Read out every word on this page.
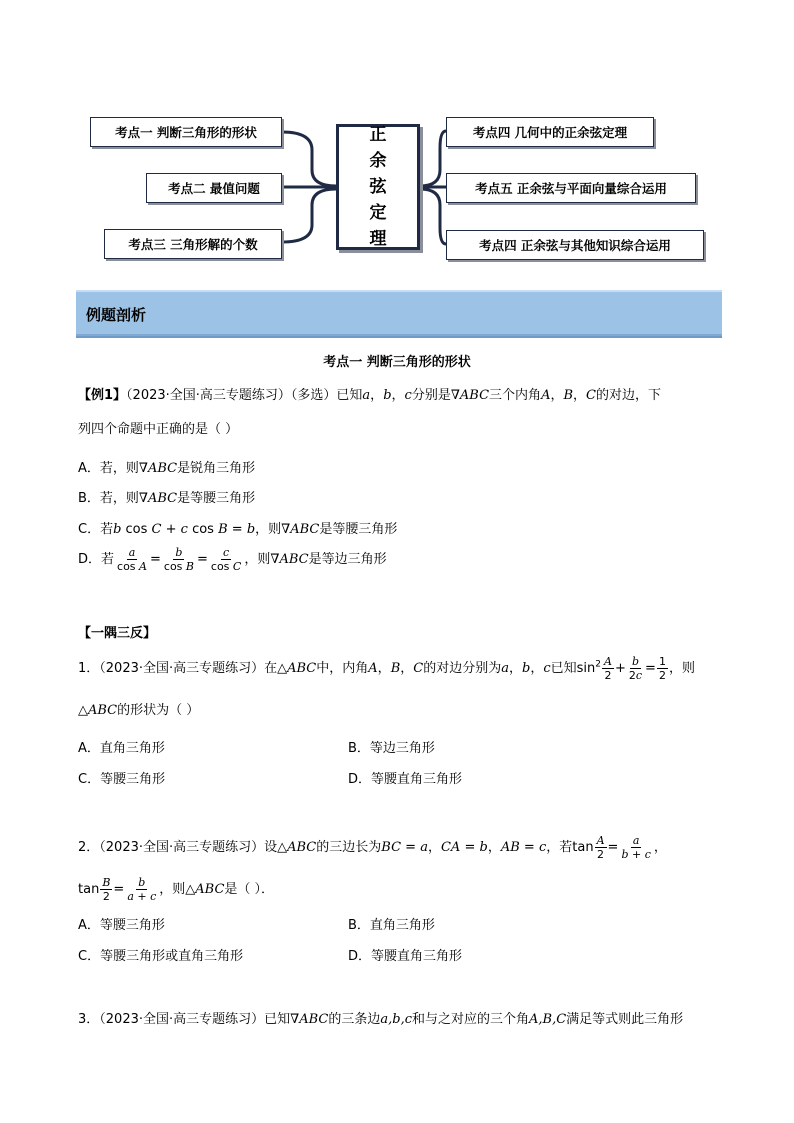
考点一 判断三角形的形状
考点二 最值问题
考点三 三角形解的个数
正
余
弦
定
理
考点四 几何中的正余弦定理
考点五 正余弦与平面向量综合运用
考点四 正余弦与其他知识综合运用
例题剖析
考点一 判断三角形的形状
【例1】（2023·全国·高三专题练习）（多选）已知a，b，c分别是∇ABC三个内角A，B，C的对边，下
列四个命题中正确的是（ ）
A．若，则∇ABC是锐角三角形
B．若，则∇ABC是等腰三角形
C．若b cos C + c cos B = b，则∇ABC是等腰三角形
D．若 $\frac{a}{\text{cos A}} = \frac{b}{\text{cos B}} = \frac{c}{\text{cos C}}$ ，则∇ABC是等边三角形
【一隅三反】
1．（2023·全国·高三专题练习）在△ABC中，内角A，B，C的对边分别为a，b，c已知$\sin^2 \frac{A}{2} + \frac{b}{2c} = \frac{1}{2}$ ，则
△ABC的形状为（ ）
A．直角三角形	B．等边三角形
C．等腰三角形	D．等腰直角三角形
2．（2023·全国·高三专题练习）设△ABC的三边长为BC = a，CA = b，AB = c，若$\tan \frac{A}{2} = \frac{a}{b + c}$ ，
$\tan \frac{B}{2} = \frac{b}{a + c}$ ，则△ABC是（ ）．
A．等腰三角形	B．直角三角形
C．等腰三角形或直角三角形	D．等腰直角三角形
3．（2023·全国·高三专题练习）已知∇ABC的三条边a,b,c和与之对应的三个角A,B,C满足等式则此三角形
